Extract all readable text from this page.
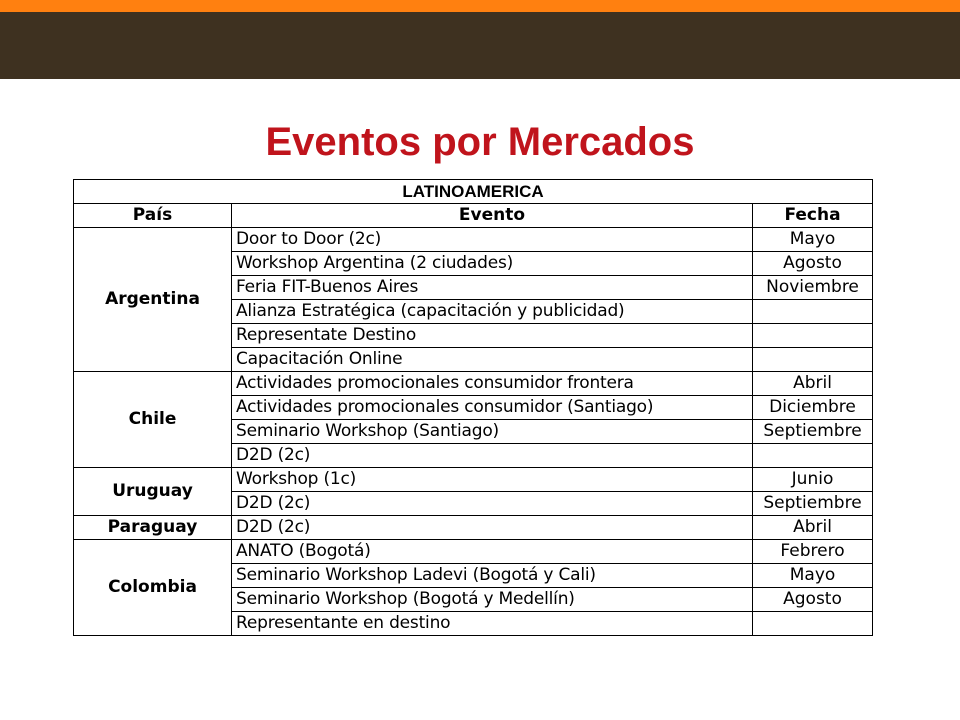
Eventos por Mercados
LATINOAMERICA		
País	Evento	Fecha
Argentina	Door to Door (2c)	Mayo
	Workshop Argentina (2 ciudades)	Agosto
	Feria FIT-Buenos Aires	Noviembre
	Alianza Estratégica (capacitación y publicidad)	
	Representate Destino	
	Capacitación Online	
Chile	Actividades promocionales consumidor frontera	Abril
	Actividades promocionales consumidor (Santiago)	Diciembre
	Seminario Workshop (Santiago)	Septiembre
	D2D (2c)	
Uruguay	Workshop (1c)	Junio
	D2D (2c)	Septiembre
Paraguay	D2D (2c)	Abril
Colombia	ANATO (Bogotá)	Febrero
	Seminario Workshop Ladevi (Bogotá y Cali)	Mayo
	Seminario Workshop (Bogotá y Medellín)	Agosto
	Representante en destino	
